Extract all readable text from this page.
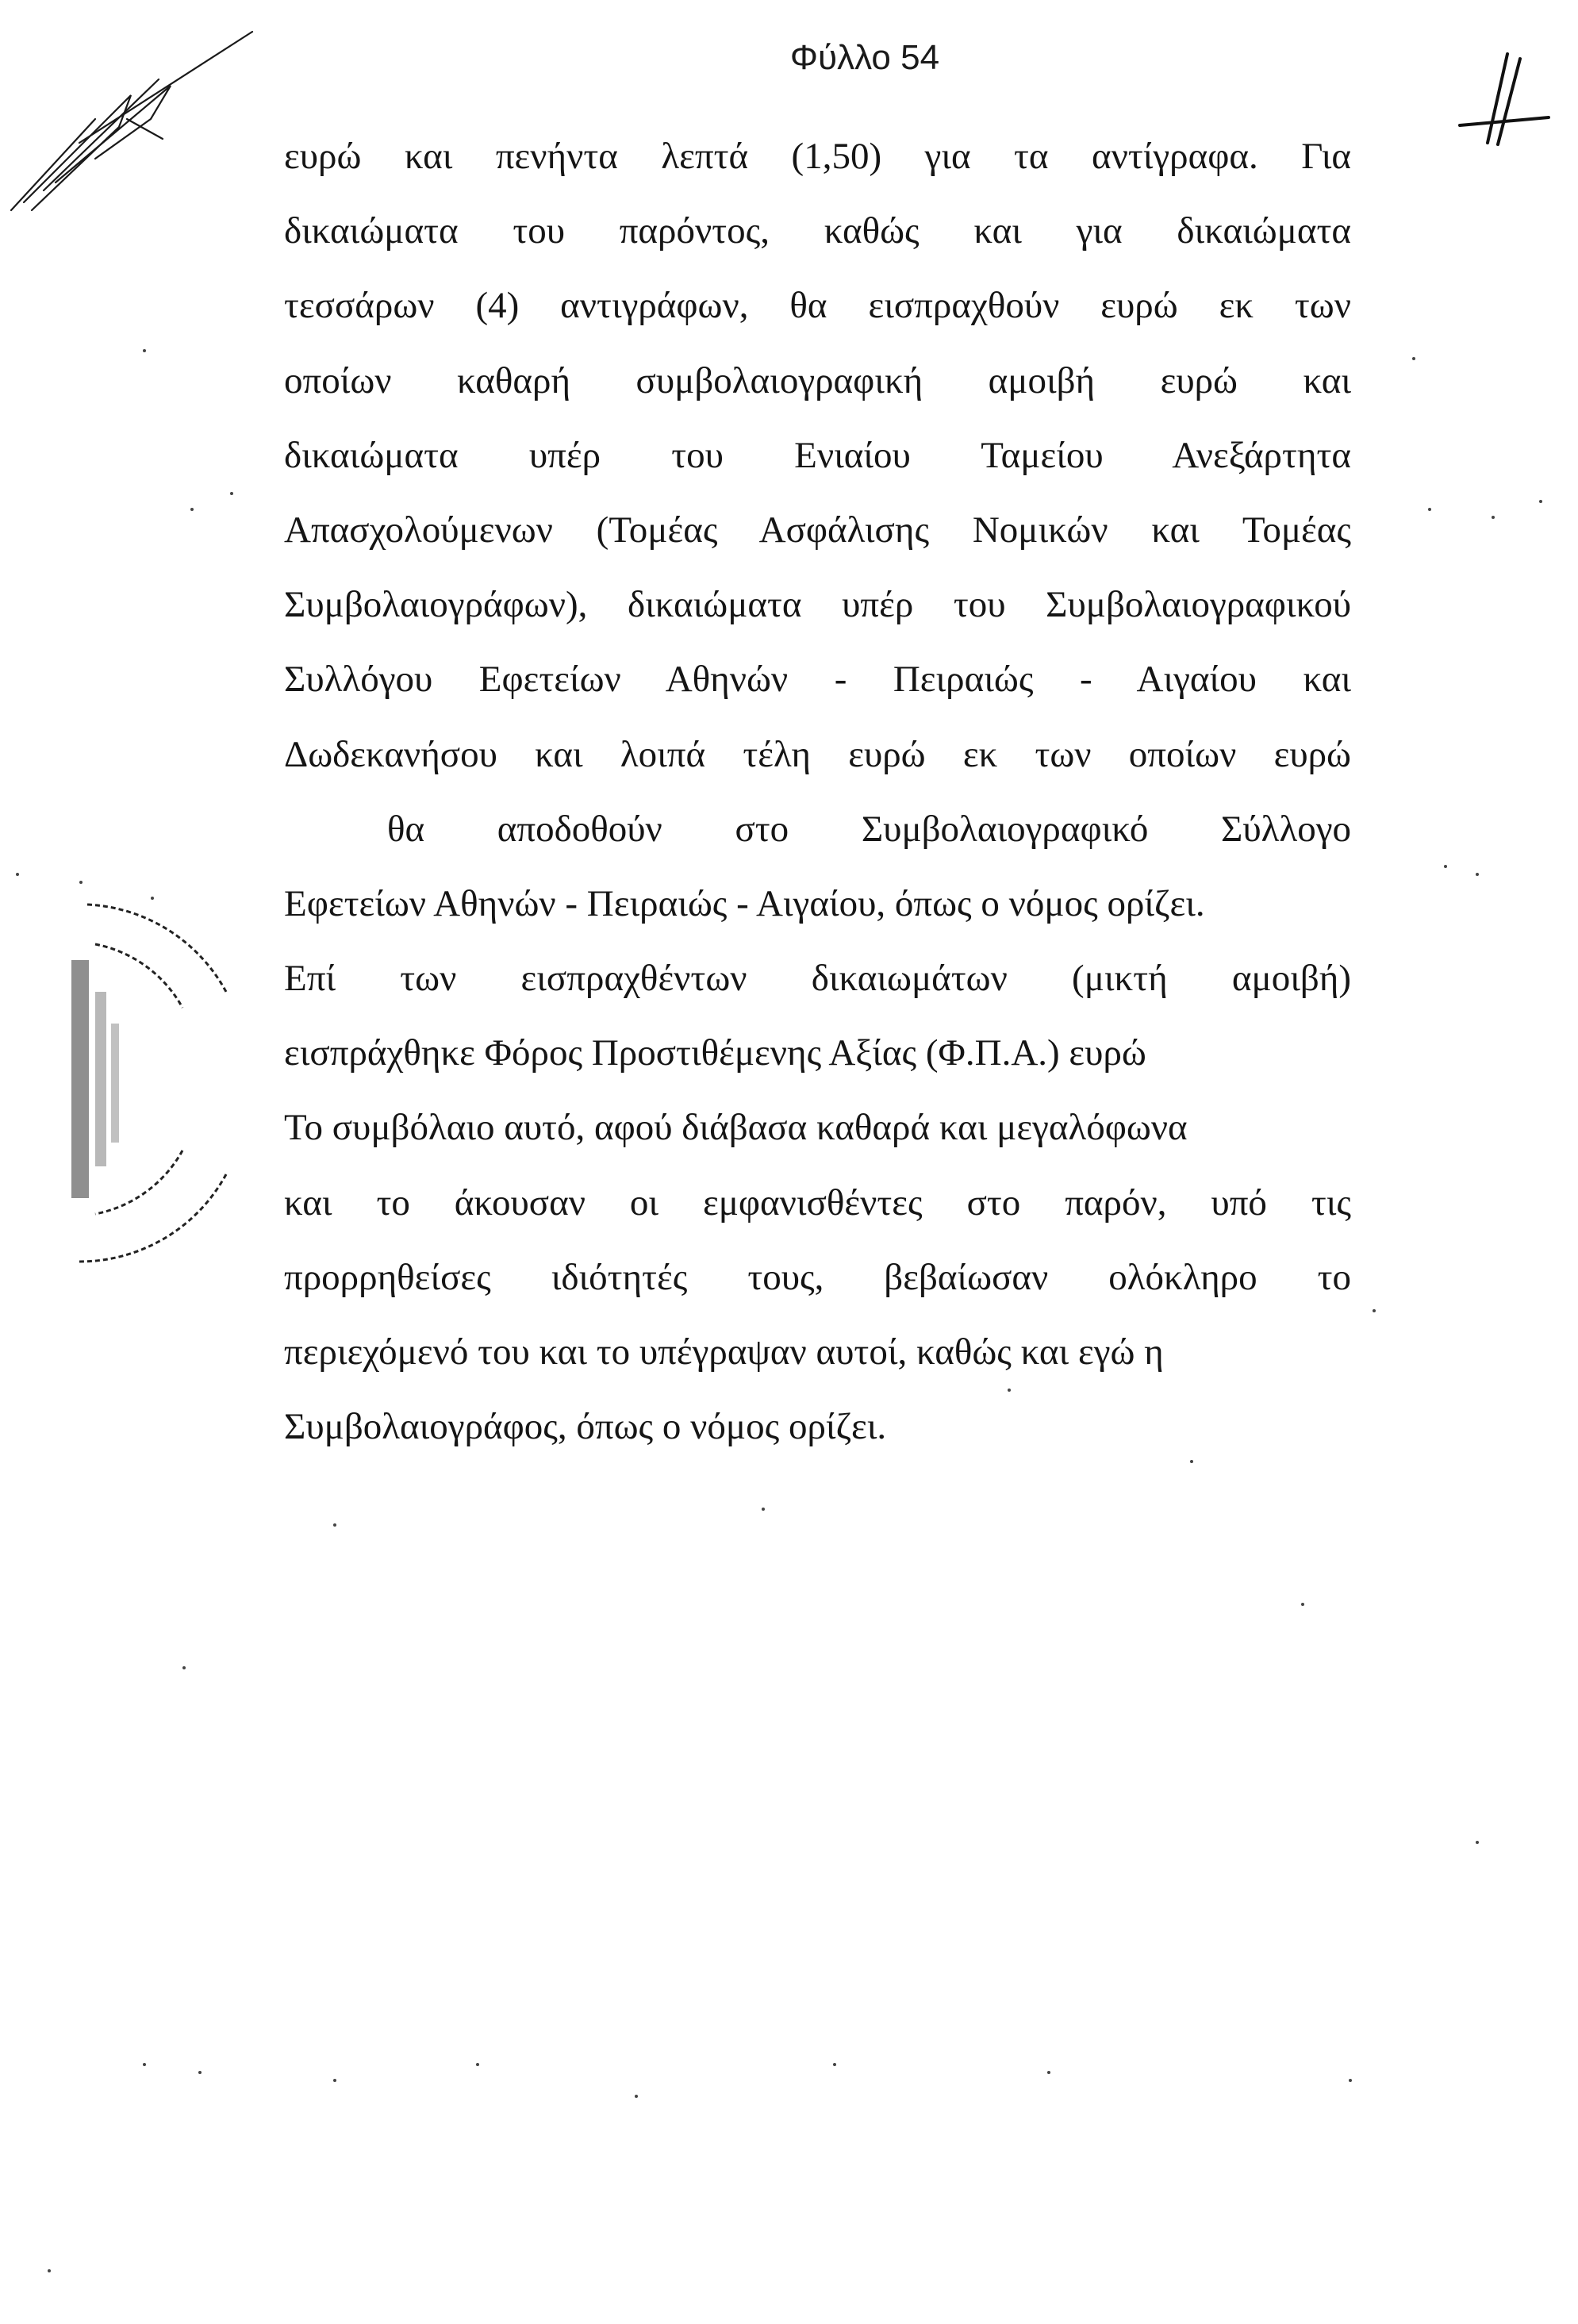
Φύλλο 54
ευρώ και πενήντα λεπτά (1,50) για τα αντίγραφα. Για
δικαιώματα του παρόντος, καθώς και για δικαιώματα
τεσσάρων (4) αντιγράφων, θα εισπραχθούν ευρώ εκ των
οποίων καθαρή συμβολαιογραφική αμοιβή ευρώ και
δικαιώματα υπέρ του Ενιαίου Ταμείου Ανεξάρτητα
Απασχολούμενων (Τομέας Ασφάλισης Νομικών και Τομέας
Συμβολαιογράφων), δικαιώματα υπέρ του Συμβολαιογραφικού
Συλλόγου Εφετείων Αθηνών - Πειραιώς - Αιγαίου και
Δωδεκανήσου και λοιπά τέλη ευρώ εκ των οποίων ευρώ
θα αποδοθούν στο Συμβολαιογραφικό Σύλλογο
Εφετείων Αθηνών - Πειραιώς - Αιγαίου, όπως ο νόμος ορίζει.
Επί των εισπραχθέντων δικαιωμάτων (μικτή αμοιβή)
εισπράχθηκε Φόρος Προστιθέμενης Αξίας (Φ.Π.Α.) ευρώ
Το συμβόλαιο αυτό, αφού διάβασα καθαρά και μεγαλόφωνα
και το άκουσαν οι εμφανισθέντες στο παρόν, υπό τις
προρρηθείσες ιδιότητές τους, βεβαίωσαν ολόκληρο το
περιεχόμενό του και το υπέγραψαν αυτοί, καθώς και εγώ η
Συμβολαιογράφος, όπως ο νόμος ορίζει.
